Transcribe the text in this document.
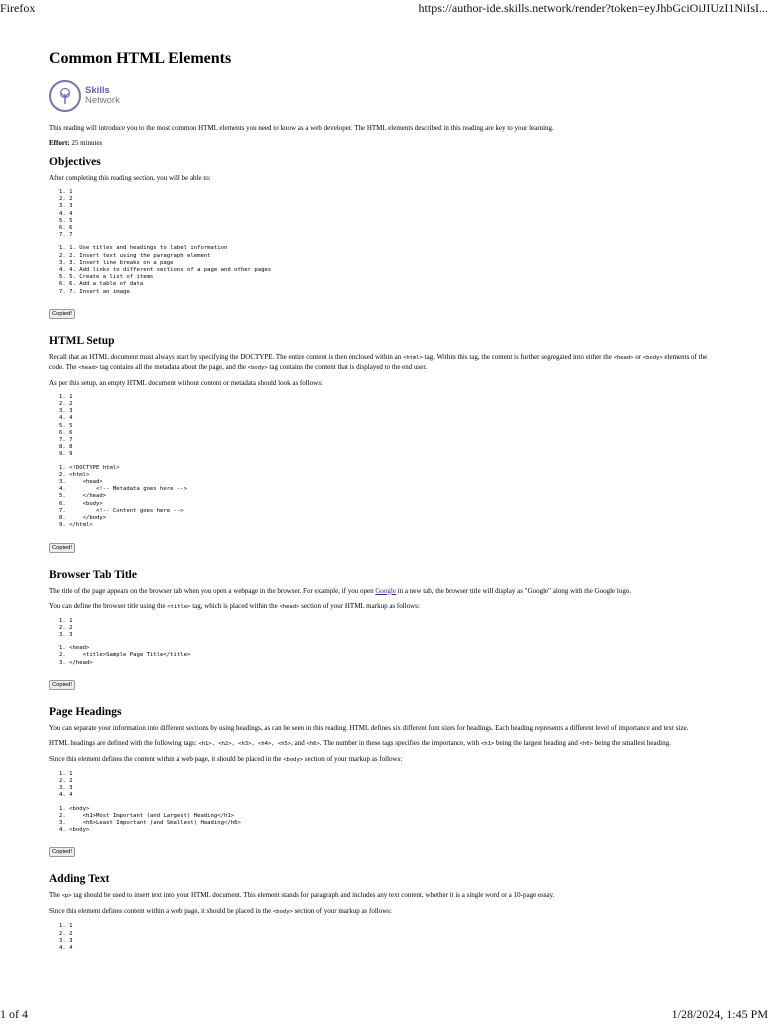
Firefox	https://author-ide.skills.network/render?token=eyJhbGciOiJIUzI1NiIsI...
Common HTML Elements
Skills
Network

This reading will introduce you to the most common HTML elements you need to know as a web developer. The HTML elements described in this reading are key to your learning.

Effort: 25 minutes

Objectives

After completing this reading section, you will be able to:

1. 1
2. 2
3. 3
4. 4
5. 5
6. 6
7. 7
1. 1. Use titles and headings to label information
2. 2. Insert text using the paragraph element
3. 3. Insert line breaks on a page
4. 4. Add links to different sections of a page and other pages
5. 5. Create a list of items
6. 6. Add a table of data
7. 7. Insert an image
Copied!
HTML Setup

Recall that an HTML document must always start by specifying the DOCTYPE. The entire content is then enclosed within an <html> tag. Within this tag, the content is further segregated into either the <head> or <body> elements of the code. The <head> tag contains all the metadata about the page, and the <body> tag contains the content that is displayed to the end user.

As per this setup, an empty HTML document without content or metadata should look as follows:

1. 1
2. 2
3. 3
4. 4
5. 5
6. 6
7. 7
8. 8
9. 9
1. <!DOCTYPE html>
2. <html>
3.     <head>
4.         <!-- Metadata goes here -->
5.     </head>
6.     <body>
7.         <!-- Content goes here -->
8.     </body>
9. </html>
Copied!
Browser Tab Title

The title of the page appears on the browser tab when you open a webpage in the browser. For example, if you open Google in a new tab, the browser title will display as "Google" along with the Google logo.

You can define the browser title using the <title> tag, which is placed within the <head> section of your HTML markup as follows:

1. 1
2. 2
3. 3
1. <head>
2.     <title>Sample Page Title</title>
3. </head>
Copied!
Page Headings

You can separate your information into different sections by using headings, as can be seen in this reading. HTML defines six different font sizes for headings. Each heading represents a different level of importance and text size.

HTML headings are defined with the following tags: <h1>, <h2>, <h3>, <h4>, <h5>, and <h6>. The number in these tags specifies the importance, with <h1> being the largest heading and <h6> being the smallest heading.

Since this element defines the content within a web page, it should be placed in the <body> section of your markup as follows:

1. 1
2. 2
3. 3
4. 4
1. <body>
2.     <h1>Most Important (and Largest) Heading</h1>
3.     <h6>Least Important (and Smallest) Heading</h6>
4. <body>
Copied!
Adding Text

The <p> tag should be used to insert text into your HTML document. This element stands for paragraph and includes any text content, whether it is a single word or a 10-page essay.

Since this element defines content within a web page, it should be placed in the <body> section of your markup as follows:

1. 1
2. 2
3. 3
4. 4
1 of 4	1/28/2024, 1:45 PM
